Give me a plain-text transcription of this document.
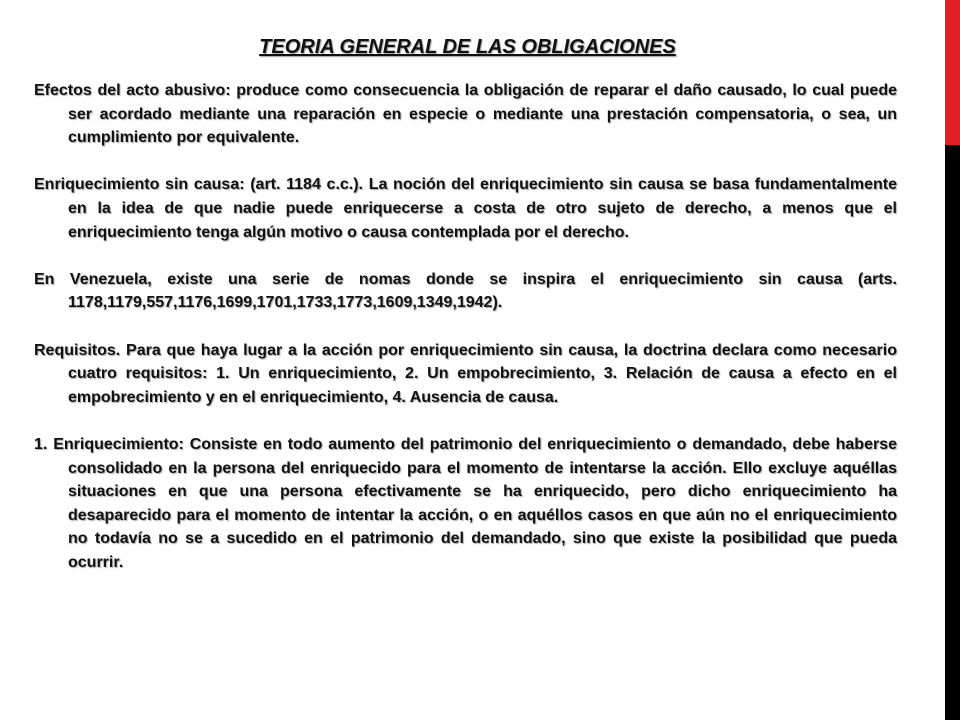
TEORIA GENERAL DE LAS OBLIGACIONES

Efectos del acto abusivo: produce como consecuencia la obligación de reparar el daño causado, lo cual puede ser acordado mediante una reparación en especie o mediante una prestación compensatoria, o sea, un cumplimiento por equivalente.

Enriquecimiento sin causa: (art. 1184 c.c.). La noción del enriquecimiento sin causa se basa fundamentalmente en la idea de que nadie puede enriquecerse a costa de otro sujeto de derecho, a menos que el enriquecimiento tenga algún motivo o causa contemplada por el derecho.

En Venezuela, existe una serie de nomas donde se inspira el enriquecimiento sin causa (arts. 1178,1179,557,1176,1699,1701,1733,1773,1609,1349,1942).

Requisitos. Para que haya lugar a la acción por enriquecimiento sin causa, la doctrina declara como necesario cuatro requisitos: 1. Un enriquecimiento, 2. Un empobrecimiento, 3. Relación de causa a efecto en el empobrecimiento y en el enriquecimiento, 4. Ausencia de causa.

1. Enriquecimiento: Consiste en todo aumento del patrimonio del enriquecimiento o demandado, debe haberse consolidado en la persona del enriquecido para el momento de intentarse la acción. Ello excluye aquéllas situaciones en que una persona efectivamente se ha enriquecido, pero dicho enriquecimiento ha desaparecido para el momento de intentar la acción, o en aquéllos casos en que aún no el enriquecimiento no todavía no se a sucedido en el patrimonio del demandado, sino que existe la posibilidad que pueda ocurrir.
